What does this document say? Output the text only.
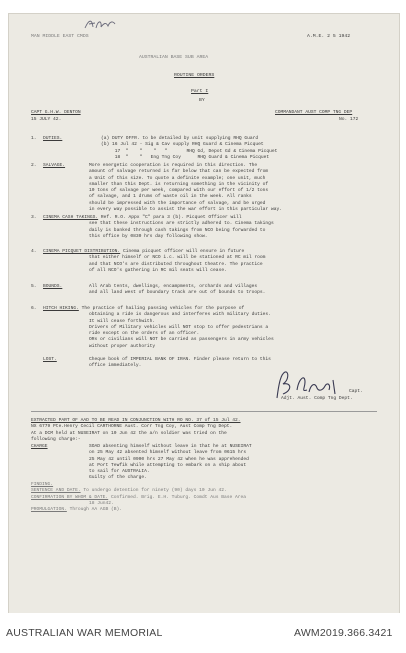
MAN MIDDLE EAST CMDS	A.M.E. 2 5 1942
AUSTRALIAN BASE SUB AREA
ROUTINE ORDERS
Part I
BY
CAPT G.H.W. DENTON	COMMANDANT AUST COMP TNG DEP
15 JULY 42.	No. 172
1. DUTIES.	(a) DUTY OFFR. to be detailed by unit supplying RHQ Guard
(b) 16 Jul 42 - Sig & Cav supply RHQ Guard & Cinema Picquet
17  "    "    "   "       RHQ Gd, Depot Gd & Cinema Picquet
18  "    "   Eng Tng Coy      RHQ Guard & Cinema Picquet
2. SALVAGE.	More energetic cooperation is required in this direction. The
amount of salvage returned is far below that can be expected from
a Unit of this size. To quote a definite example; one unit, much
smaller than this Dept. is returning something in the vicinity of
10 tons of salvage per week, compared with our effort of 1/2 tons
of salvage, and 1 drums of waste oil in the week. All ranks
should be impressed with the importance of salvage, and be urged
in every way possible to assist the war effort in this particular way.
3. CINEMA CASH TAKINGS. Ref. R.O. Appx "C" para 3 (b). Picquet Officer will
see that these instructions are strictly adhered to. Cinema takings
daily is banked through cash takings from NCO being forwarded to
this office by 0830 hrs day following show.
4. CINEMA PICQUET DISTRIBUTION. Cinema picquet officer will ensure in future
that either himself or NCO i.c. will be stationed at RC mil room
and that NCO's are distributed throughout theatre. The practice
of all NCO's gathering in RC mil seats will cease.
5. BOUNDS.	All Arab tents, dwellings, encampments, orchards and villages
and all land west of boundary track are out of bounds to troops.
6. HITCH HIKING. The practice of hailing passing vehicles for the purpose of
obtaining a ride is dangerous and interferes with military duties.
It will cease forthwith.
Drivers of Military vehicles will NOT stop to offer pedestrians a
ride except on the orders of an officer.
ORs or civilians will NOT be carried as passengers in army vehicles
without proper authority
LOST.	Cheque book of IMPERIAL BANK OF IRAN. Finder please return to this
office immediately.
Capt.
Adjt. Aust. Comp Tng Dept.
EXTRACTED PART OF AAD TO BE READ IN CONJUNCTION WITH RO NO. 37 of 15 Jul 42.
NX 6779 Pte.Henry Cecil CARTHORNE Aust. Corr Tng Coy, Aust Comp Tng Dept.
At a DCM held at NUSEIRAT on 10 Jun 42 the a/n soldier was tried on the
following charge:-
CHARGE	SOAD absenting himself without leave in that he at NUSEIRAT
on 25 May 42 absented himself without leave from 0615 hrs
25 May 42 until 0900 hrs 27 May 42 when he was apprehended
at Port Tewfik while attempting to embark on a ship about
to sail for AUSTRALIA.
Guilty of the charge.
FINDING.
SENTENCE AND DATE. To undergo detention for ninety (90) days 10 Jun 42.
CONFIRMATION BY WHOM & DATE. Confirmed. Brig. E.H. Tuburg. Comdt Aus Base Area
18 Jun42.
PROMULGATION. Through AA AGB (B).
AUSTRALIAN WAR MEMORIAL	AWM2019.366.3421
